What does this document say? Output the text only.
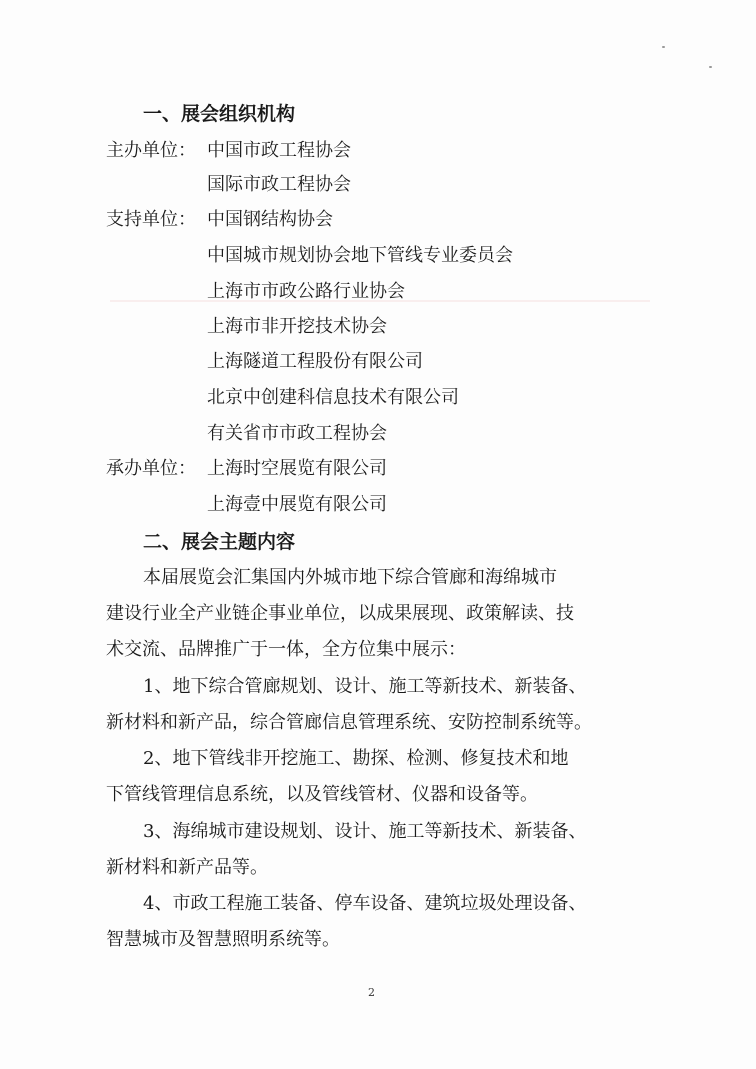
一、展会组织机构
主办单位： 中国市政工程协会
国际市政工程协会
支持单位： 中国钢结构协会
中国城市规划协会地下管线专业委员会
上海市市政公路行业协会
上海市非开挖技术协会
上海隧道工程股份有限公司
北京中创建科信息技术有限公司
有关省市市政工程协会
承办单位： 上海时空展览有限公司
上海壹中展览有限公司
二、展会主题内容
本届展览会汇集国内外城市地下综合管廊和海绵城市
建设行业全产业链企事业单位，以成果展现、政策解读、技
术交流、品牌推广于一体，全方位集中展示：
1、地下综合管廊规划、设计、施工等新技术、新装备、
新材料和新产品，综合管廊信息管理系统、安防控制系统等。
2、地下管线非开挖施工、勘探、检测、修复技术和地
下管线管理信息系统，以及管线管材、仪器和设备等。
3、海绵城市建设规划、设计、施工等新技术、新装备、
新材料和新产品等。
4、市政工程施工装备、停车设备、建筑垃圾处理设备、
智慧城市及智慧照明系统等。
2
